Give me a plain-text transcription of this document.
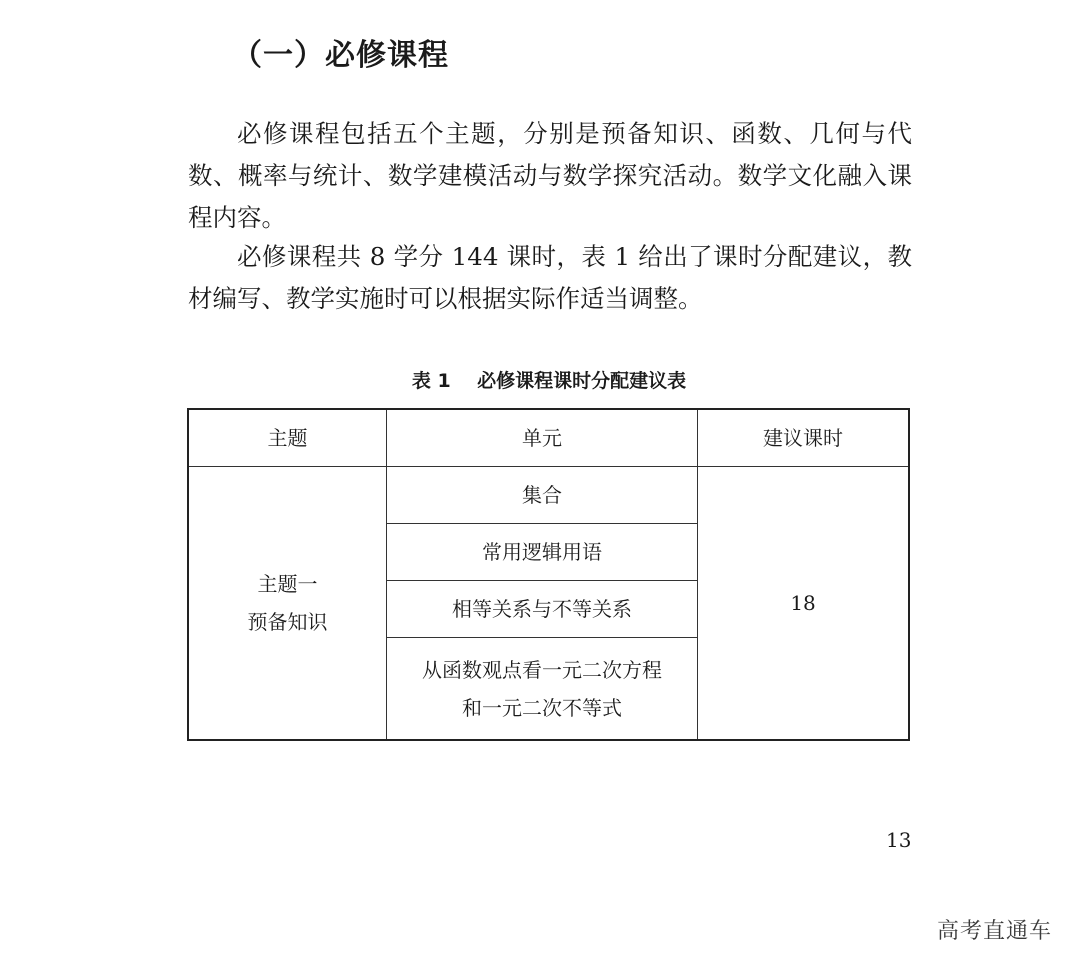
（一）必修课程

必修课程包括五个主题，分别是预备知识、函数、几何与代数、概率与统计、数学建模活动与数学探究活动。数学文化融入课程内容。

必修课程共 8 学分 144 课时，表 1 给出了课时分配建议，教材编写、教学实施时可以根据实际作适当调整。

表 1    必修课程课时分配建议表
主题	单元	建议课时

主题一
预备知识	集合	18
	常用逻辑用语	
	相等关系与不等关系	

	从函数观点看一元二次方程
和一元二次不等式	
13
高考直通车
